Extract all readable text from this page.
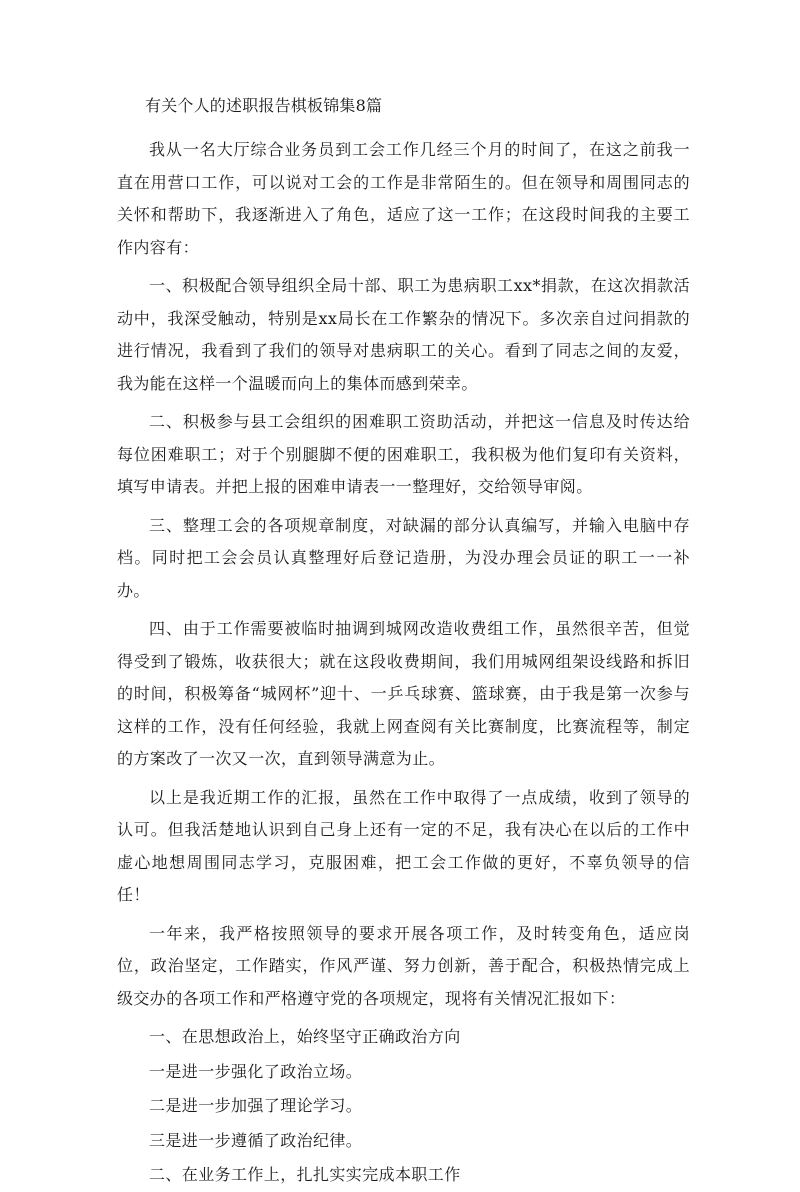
有关个人的述职报告棋板锦集8篇

我从一名大厅综合业务员到工会工作几经三个月的时间了，在这之前我一直在用营口工作，可以说对工会的工作是非常陌生的。但在领导和周围同志的关怀和帮助下，我逐渐进入了角色，适应了这一工作；在这段时间我的主要工作内容有：

一、积极配合领导组织全局十部、职工为患病职工xx*捐款，在这次捐款活动中，我深受触动，特别是xx局长在工作繁杂的情况下。多次亲自过问捐款的进行情况，我看到了我们的领导对患病职工的关心。看到了同志之间的友爱，我为能在这样一个温暖而向上的集体而感到荣幸。

二、积极参与县工会组织的困难职工资助活动，并把这一信息及时传达给每位困难职工；对于个别腿脚不便的困难职工，我积极为他们复印有关资料，填写申请表。并把上报的困难申请表一一整理好，交给领导审阅。

三、整理工会的各项规章制度，对缺漏的部分认真编写，并输入电脑中存档。同时把工会会员认真整理好后登记造册，为没办理会员证的职工一一补办。

四、由于工作需要被临时抽调到城网改造收费组工作，虽然很辛苦，但觉得受到了锻炼，收获很大；就在这段收费期间，我们用城网组架设线路和拆旧的时间，积极筹备“城网杯”迎十、一乒乓球赛、篮球赛，由于我是第一次参与这样的工作，没有任何经验，我就上网查阅有关比赛制度，比赛流程等，制定的方案改了一次又一次，直到领导满意为止。

以上是我近期工作的汇报，虽然在工作中取得了一点成绩，收到了领导的认可。但我活楚地认识到自己身上还有一定的不足，我有决心在以后的工作中虚心地想周围同志学习，克服困难，把工会工作做的更好，不辜负领导的信任！

一年来，我严格按照领导的要求开展各项工作，及时转变角色，适应岗位，政治坚定，工作踏实，作风严谨、努力创新，善于配合，积极热情完成上级交办的各项工作和严格遵守党的各项规定，现将有关情况汇报如下：

一、在思想政治上，始终坚守正确政治方向

一是进一步强化了政治立场。

二是进一步加强了理论学习。

三是进一步遵循了政治纪律。

二、在业务工作上，扎扎实实完成本职工作
